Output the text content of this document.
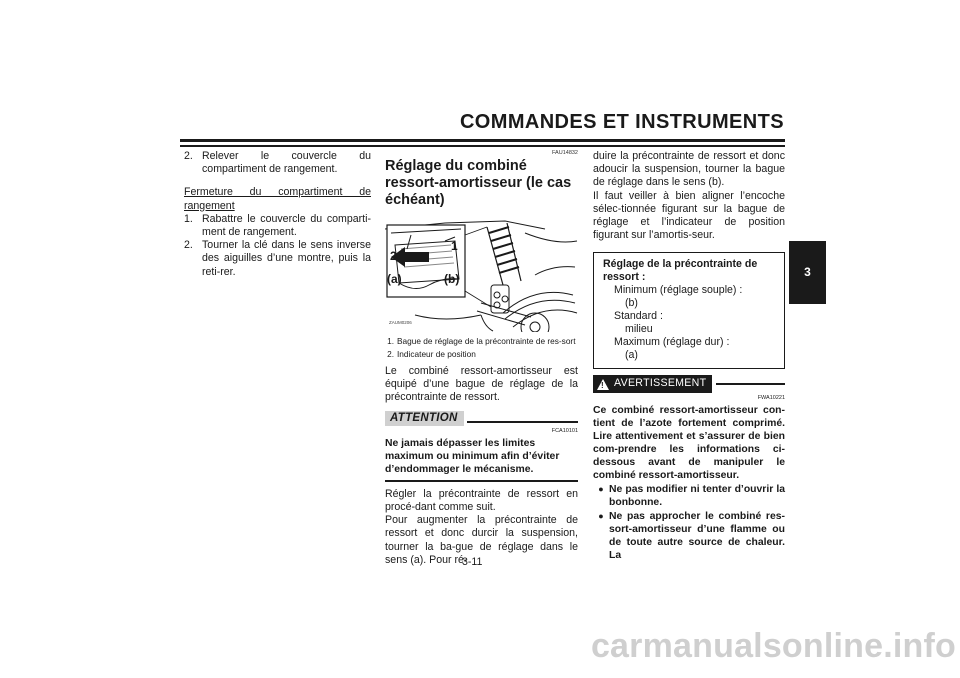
COMMANDES ET INSTRUMENTS
3
2. Relever le couvercle du compartiment de rangement.
Fermeture du compartiment de rangement
1. Rabattre le couvercle du comparti-ment de rangement.
2. Tourner la clé dans le sens inverse des aiguilles d’une montre, puis la reti-rer.
FAU14832
Réglage du combiné ressort-amortisseur (le cas échéant)
1
2
(a)	(b)
ZAUM0206
1. Bague de réglage de la précontrainte de res-sort
2. Indicateur de position
Le combiné ressort-amortisseur est équipé d’une bague de réglage de la précontrainte de ressort.
ATTENTION
FCA10101
Ne jamais dépasser les limites maximum ou minimum afin d’éviter d’endommager le mécanisme.
Régler la précontrainte de ressort en procé-dant comme suit.
Pour augmenter la précontrainte de ressort et donc durcir la suspension, tourner la ba-gue de réglage dans le sens (a). Pour ré-
duire la précontrainte de ressort et donc adoucir la suspension, tourner la bague de réglage dans le sens (b).
Il faut veiller à bien aligner l’encoche sélec-tionnée figurant sur la bague de réglage et l’indicateur de position figurant sur l’amortis-seur.
Réglage de la précontrainte de ressort :
Minimum (réglage souple) :
(b)
Standard :
milieu
Maximum (réglage dur) :
(a)
! AVERTISSEMENT
FWA10221
Ce combiné ressort-amortisseur con-tient de l’azote fortement comprimé. Lire attentivement et s’assurer de bien com-prendre les informations ci-dessous avant de manipuler le combiné ressort-amortisseur.
● Ne pas modifier ni tenter d’ouvrir la bonbonne.
● Ne pas approcher le combiné res-sort-amortisseur d’une flamme ou de toute autre source de chaleur. La
3-11
carmanualsonline.info
